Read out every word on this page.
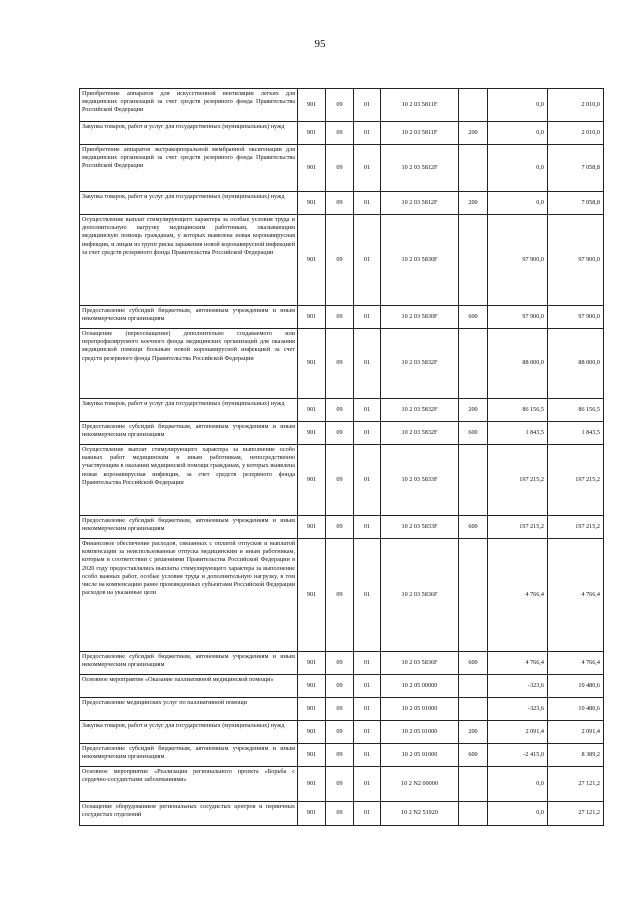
95
Приобретение аппаратов для искусственной вентиляции легких для медицинских организаций за счет средств резервного фонда Правительства Российской Федерации	901	09	01	10 2 03 5811F		0,0	2 010,0
Закупка товаров, работ и услуг для государственных (муниципальных) нужд	901	09	01	10 2 03 5811F	200	0,0	2 010,0
Приобретение аппаратов экстракорпоральной мембранной оксигенации для медицинских организаций за счет средств резервного фонда Правительства Российской Федерации	901	09	01	10 2 03 5812F		0,0	7 058,8
Закупка товаров, работ и услуг для государственных (муниципальных) нужд	901	09	01	10 2 03 5812F	200	0,0	7 058,8
Осуществление выплат стимулирующего характера за особые условия труда и дополнительную нагрузку медицинским работникам, оказывающим медицинскую помощь гражданам, у которых выявлена новая коронавирусная инфекция, и лицам из групп риска заражения новой коронавирусной инфекцией за счет средств резервного фонда Правительства Российской Федерации	901	09	01	10 2 03 5830F		97 900,0	97 900,0
Предоставление субсидий бюджетным, автономным учреждениям и иным некоммерческим организациям	901	09	01	10 2 03 5830F	600	97 900,0	97 900,0
Оснащение (переоснащение) дополнительно создаваемого или перепрофилируемого коечного фонда медицинских организаций для оказания медицинской помощи больным новой коронавирусной инфекцией за счет средств резервного фонда Правительства Российской Федерации	901	09	01	10 2 03 5832F		88 000,0	88 000,0
Закупка товаров, работ и услуг для государственных (муниципальных) нужд	901	09	01	10 2 03 5832F	200	86 156,5	86 156,5
Предоставление субсидий бюджетным, автономным учреждениям и иным некоммерческим организациям	901	09	01	10 2 03 5832F	600	1 843,5	1 843,5
Осуществление выплат стимулирующего характера за выполнение особо важных работ медицинским и иным работникам, непосредственно участвующим в оказании медицинской помощи гражданам, у которых выявлена новая коронавирусная инфекция, за счет средств резервного фонда Правительства Российской Федерации	901	09	01	10 2 03 5833F		197 215,2	197 215,2
Предоставление субсидий бюджетным, автономным учреждениям и иным некоммерческим организациям	901	09	01	10 2 03 5833F	600	197 215,2	197 215,2
Финансовое обеспечение расходов, связанных с оплатой отпусков и выплатой компенсации за неиспользованные отпуска медицинским и иным работникам, которым в соответствии с решениями Правительства Российской Федерации в 2020 году предоставлялись выплаты стимулирующего характера за выполнение особо важных работ, особые условия труда и дополнительную нагрузку, в том числе на компенсацию ранее произведенных субъектами Российской Федерации расходов на указанные цели	901	09	01	10 2 03 5836F		4 766,4	4 766,4
Предоставление субсидий бюджетным, автономным учреждениям и иным некоммерческим организациям	901	09	01	10 2 03 5836F	600	4 766,4	4 766,4
Основное мероприятие «Оказание паллиативной медицинской помощи»	901	09	01	10 2 05 00000		-323,6	10 480,6
Предоставление медицинских услуг по паллиативной помощи	901	09	01	10 2 05 01000		-323,6	10 480,6
Закупка товаров, работ и услуг для государственных (муниципальных) нужд	901	09	01	10 2 05 01000	200	2 091,4	2 091,4
Предоставление субсидий бюджетным, автономным учреждениям и иным некоммерческим организациям	901	09	01	10 2 05 01000	600	-2 415,0	8 389,2
Основное мероприятие «Реализация регионального проекта «Борьба с сердечно-сосудистыми заболеваниями»	901	09	01	10 2 N2 00000		0,0	27 121,2
Оснащение оборудованием региональных сосудистых центров и первичных сосудистых отделений	901	09	01	10 2 N2 51920		0,0	27 121,2
